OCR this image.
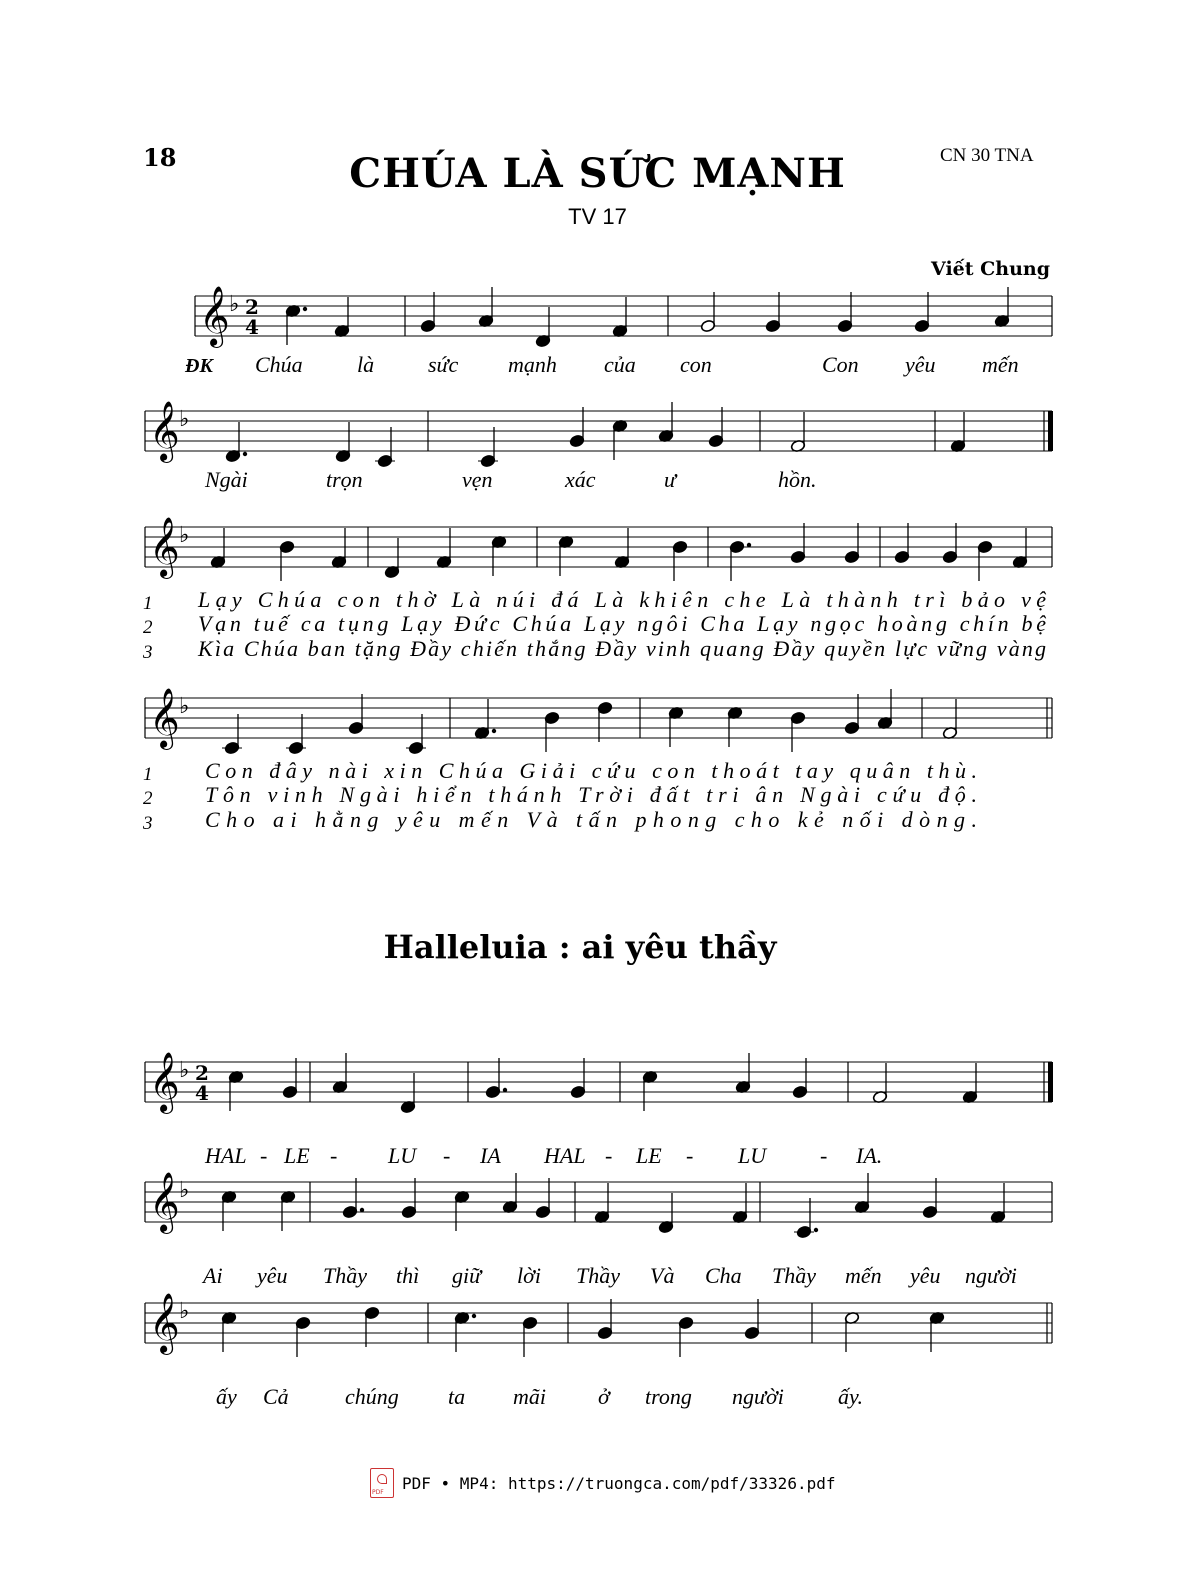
18	CN 30 TNA
CHÚA LÀ SỨC MẠNH
TV 17
Viết Chung
Halleluia : ai yêu thầy
𝄞 ♭ 2
4
𝄞 ♭
𝄞 ♭
𝄞 ♭
𝄞 ♭ 2
4
𝄞 ♭
𝄞 ♭
ĐK Chúa là sức mạnh của con	Con yêu mến
Ngài	trọn	vẹn	xác	ư	hồn.
1
1
Lạy Chúa con thờ Là núi đá Là khiên che Là thành trì bảo vệ
Con đây nài xin Chúa Giải cứu con thoát tay quân thù.
2
2
Vạn tuế ca tụng Lạy Đức Chúa Lạy ngôi Cha Lạy ngọc hoàng chín bệ
Tôn vinh Ngài hiển thánh Trời đất tri ân Ngài cứu độ.
3
3
Kìa Chúa ban tặng Đầy chiến thắng Đầy vinh quang Đầy quyền lực vững vàng
Cho ai hằng yêu mến Và tấn phong cho kẻ nối dòng.
HAL - LE - LU - IA HAL - LE - LU - IA.
Ai yêu Thầy thì giữ lời Thầy Và Cha Thầy mến yêu người
ấy Cả	chúng ta mãi ở trong người ấy.
PDF
PDF • MP4: https://truongca.com/pdf/33326.pdf
